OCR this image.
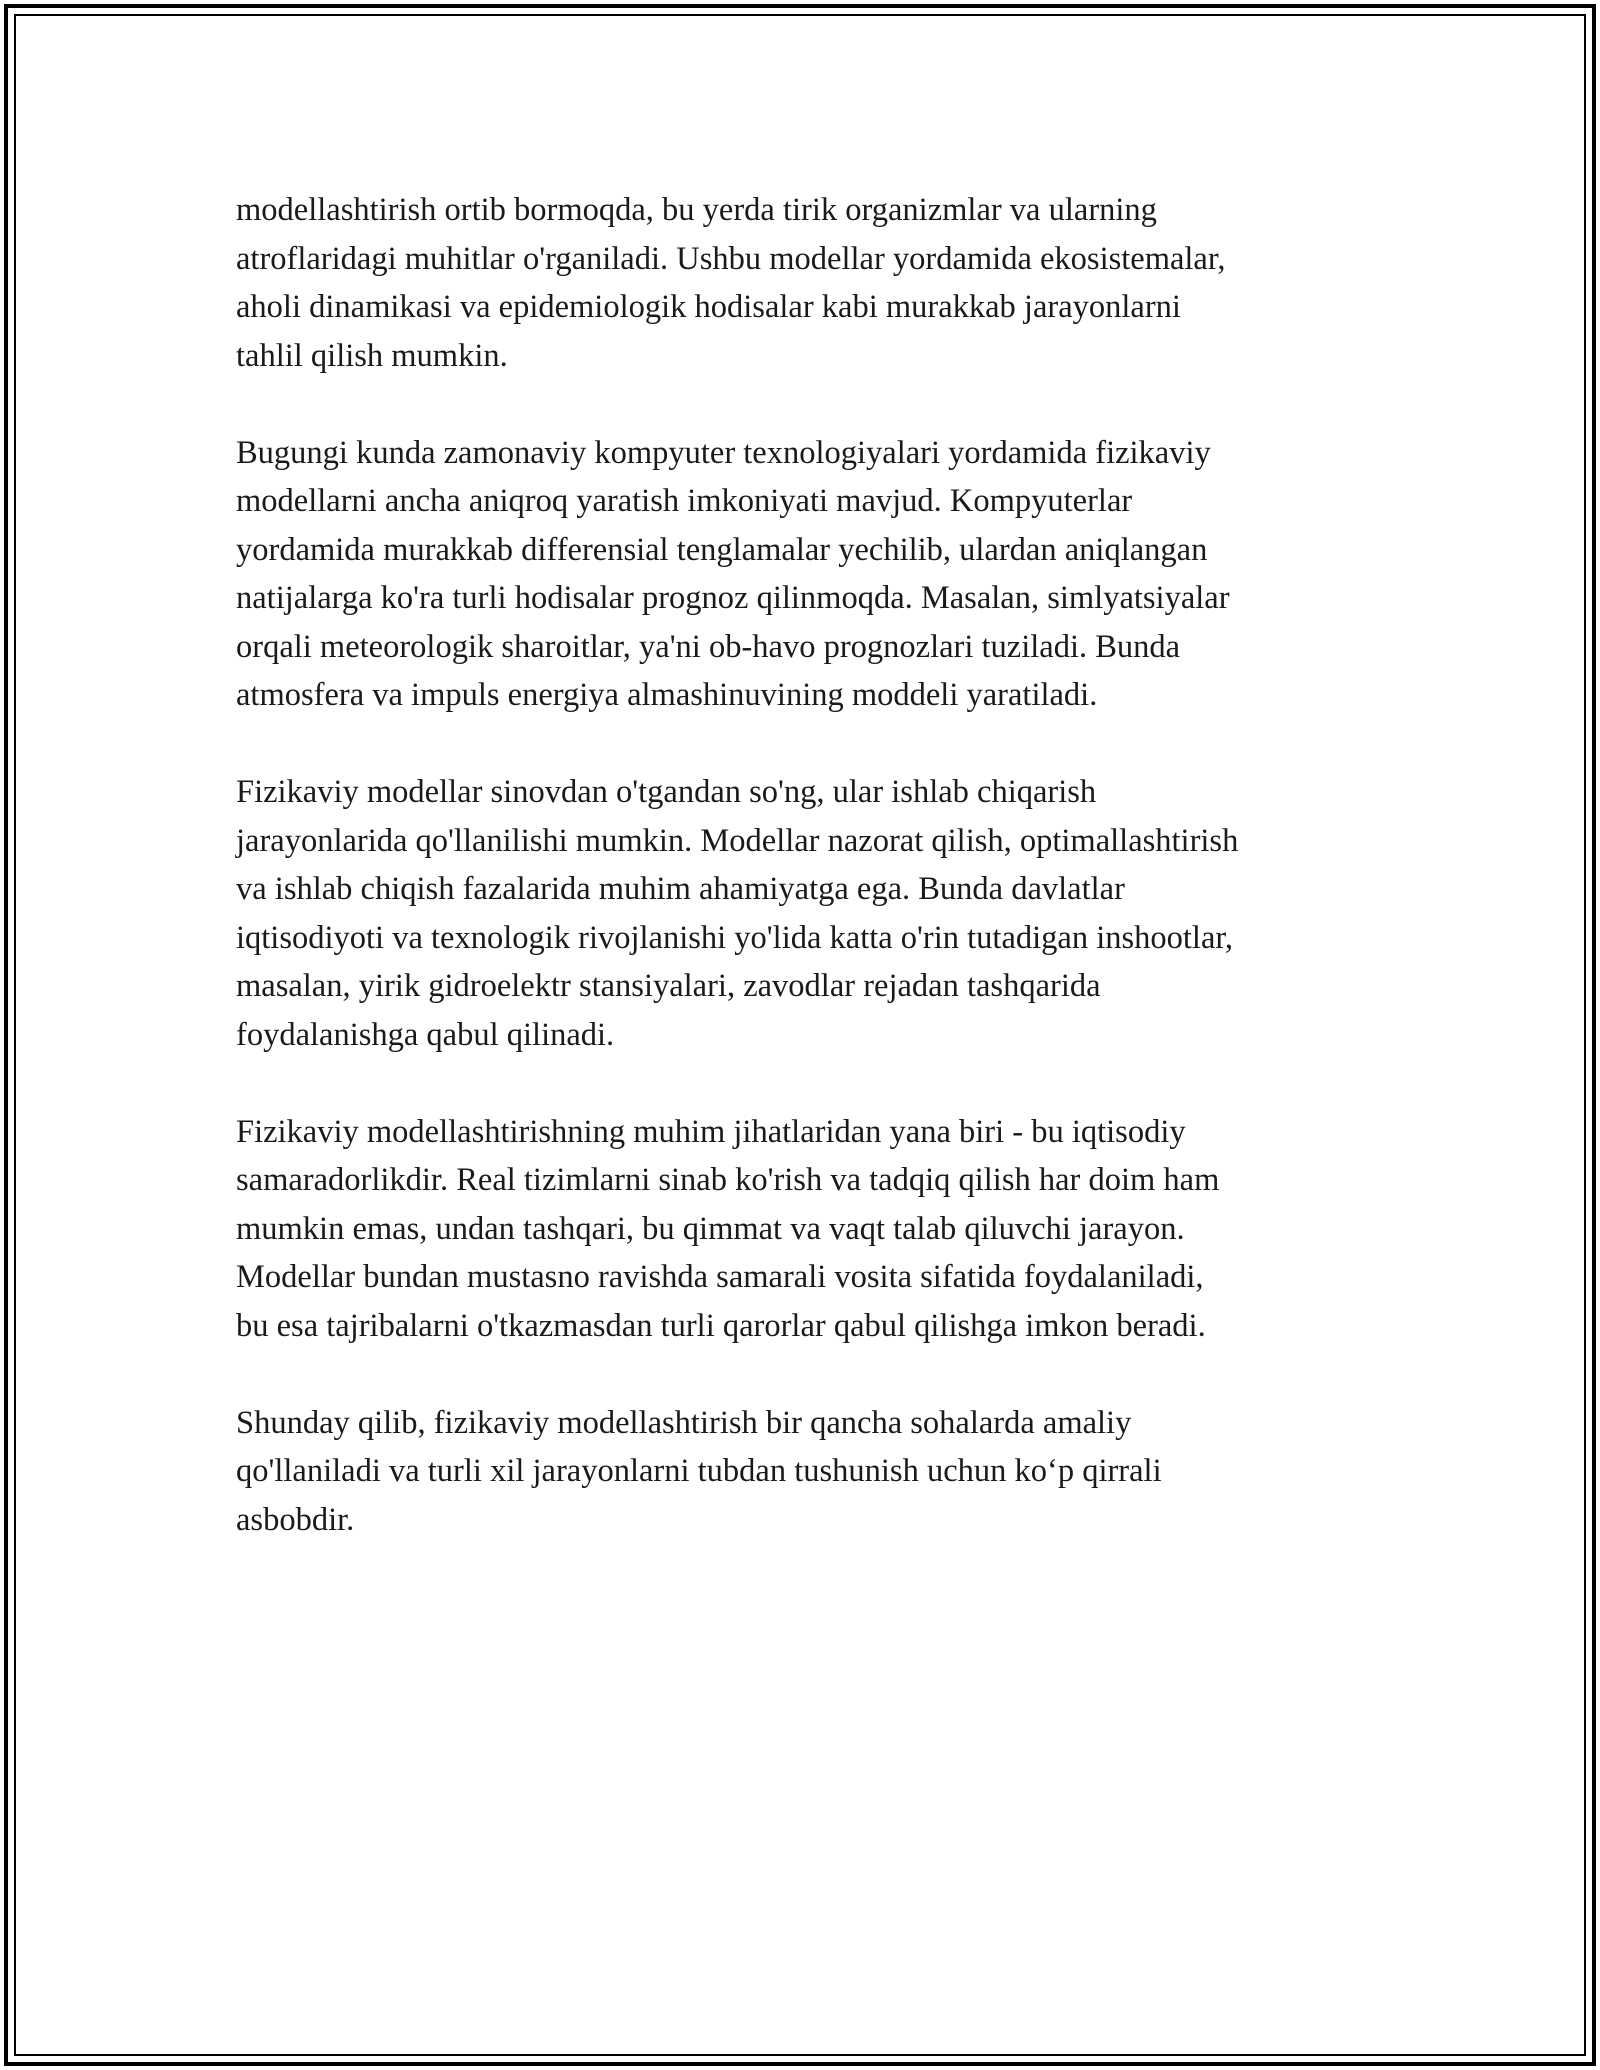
modellashtirish ortib bormoqda, bu yerda tirik organizmlar va ularning
atroflaridagi muhitlar o'rganiladi. Ushbu modellar yordamida ekosistemalar,
aholi dinamikasi va epidemiologik hodisalar kabi murakkab jarayonlarni
tahlil qilish mumkin.

Bugungi kunda zamonaviy kompyuter texnologiyalari yordamida fizikaviy
modellarni ancha aniqroq yaratish imkoniyati mavjud. Kompyuterlar
yordamida murakkab differensial tenglamalar yechilib, ulardan aniqlangan
natijalarga ko'ra turli hodisalar prognoz qilinmoqda. Masalan, simlyatsiyalar
orqali meteorologik sharoitlar, ya'ni ob-havo prognozlari tuziladi. Bunda
atmosfera va impuls energiya almashinuvining moddeli yaratiladi.

Fizikaviy modellar sinovdan o'tgandan so'ng, ular ishlab chiqarish
jarayonlarida qo'llanilishi mumkin. Modellar nazorat qilish, optimallashtirish
va ishlab chiqish fazalarida muhim ahamiyatga ega. Bunda davlatlar
iqtisodiyoti va texnologik rivojlanishi yo'lida katta o'rin tutadigan inshootlar,
masalan, yirik gidroelektr stansiyalari, zavodlar rejadan tashqarida
foydalanishga qabul qilinadi.

Fizikaviy modellashtirishning muhim jihatlaridan yana biri - bu iqtisodiy
samaradorlikdir. Real tizimlarni sinab ko'rish va tadqiq qilish har doim ham
mumkin emas, undan tashqari, bu qimmat va vaqt talab qiluvchi jarayon.
Modellar bundan mustasno ravishda samarali vosita sifatida foydalaniladi,
bu esa tajribalarni o'tkazmasdan turli qarorlar qabul qilishga imkon beradi.

Shunday qilib, fizikaviy modellashtirish bir qancha sohalarda amaliy
qo'llaniladi va turli xil jarayonlarni tubdan tushunish uchun ko‘p qirrali
asbobdir.
